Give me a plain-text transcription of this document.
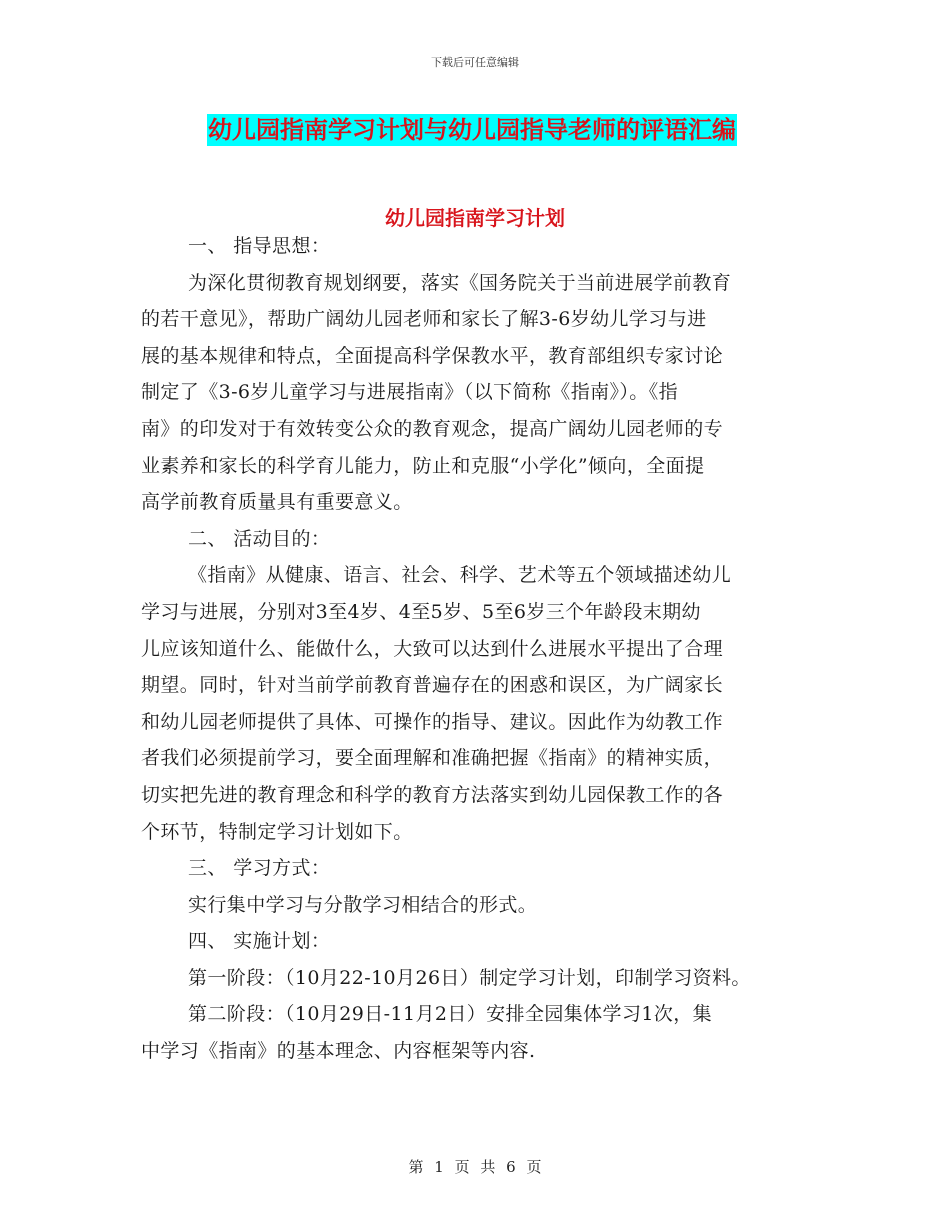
下载后可任意编辑
幼儿园指南学习计划与幼儿园指导老师的评语汇编
幼儿园指南学习计划
一、 指导思想：
为深化贯彻教育规划纲要，落实《国务院关于当前进展学前教育
的若干意见》，帮助广阔幼儿园老师和家长了解3-6岁幼儿学习与进
展的基本规律和特点，全面提高科学保教水平，教育部组织专家讨论
制定了《3-6岁儿童学习与进展指南》（以下简称《指南》）。《指
南》的印发对于有效转变公众的教育观念，提高广阔幼儿园老师的专
业素养和家长的科学育儿能力，防止和克服“小学化”倾向，全面提
高学前教育质量具有重要意义。
二、 活动目的：
《指南》从健康、语言、社会、科学、艺术等五个领域描述幼儿
学习与进展，分别对3至4岁、4至5岁、5至6岁三个年龄段末期幼
儿应该知道什么、能做什么，大致可以达到什么进展水平提出了合理
期望。同时，针对当前学前教育普遍存在的困惑和误区，为广阔家长
和幼儿园老师提供了具体、可操作的指导、建议。因此作为幼教工作
者我们必须提前学习，要全面理解和准确把握《指南》的精神实质，
切实把先进的教育理念和科学的教育方法落实到幼儿园保教工作的各
个环节，特制定学习计划如下。
三、 学习方式：
实行集中学习与分散学习相结合的形式。
四、 实施计划：
第一阶段：（10月22-10月26日）制定学习计划，印制学习资料。
第二阶段：（10月29日-11月2日）安排全园集体学习1次，集
中学习《指南》的基本理念、内容框架等内容.
第 1 页 共 6 页
